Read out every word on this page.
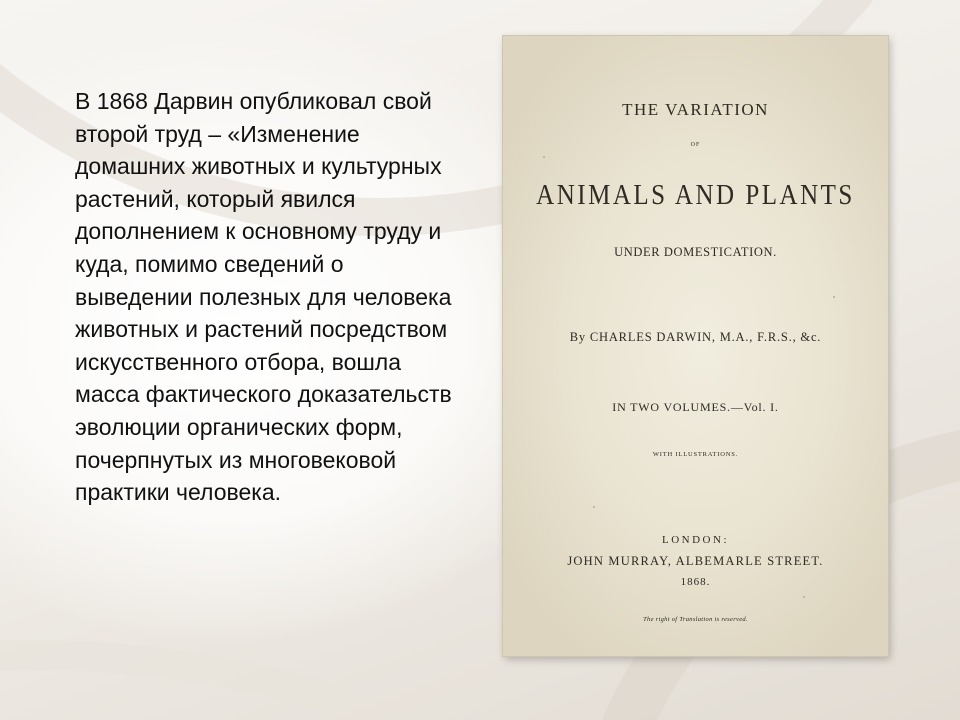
В 1868 Дарвин опубликовал свой второй труд – «Изменение домашних животных и культурных растений, который явился дополнением к основному труду и куда, помимо сведений о выведении полезных для человека животных и растений посредством искусственного отбора, вошла масса фактического доказательств эволюции органических форм, почерпнутых из многовековой практики человека.

THE VARIATION
OF
ANIMALS AND PLANTS
UNDER DOMESTICATION.
By CHARLES DARWIN, M.A., F.R.S., &c.
IN TWO VOLUMES.—Vol. I.
WITH ILLUSTRATIONS.
LONDON:
JOHN MURRAY, ALBEMARLE STREET.
1868.
The right of Translation is reserved.
